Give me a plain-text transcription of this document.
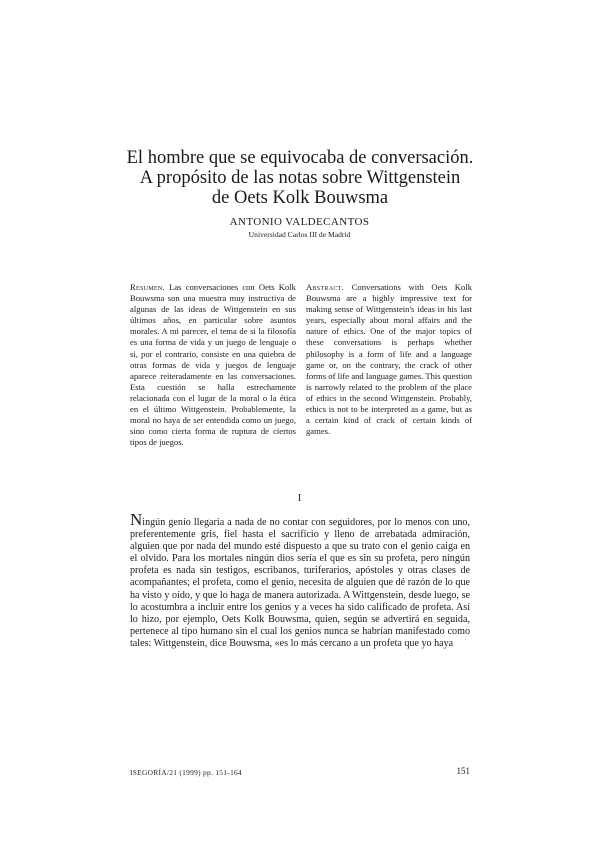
El hombre que se equivocaba de conversación.
A propósito de las notas sobre Wittgenstein
de Oets Kolk Bouwsma
ANTONIO VALDECANTOS
Universidad Carlos III de Madrid
Resumen. Las conversaciones con Oets Kolk Bouwsma son una muestra muy instructiva de algunas de las ideas de Wittgenstein en sus últimos años, en particular sobre asuntos morales. A mi parecer, el tema de si la filosofía es una forma de vida y un juego de lenguaje o si, por el contrario, consiste en una quiebra de otras formas de vida y juegos de lenguaje aparece reiteradamente en las conversaciones. Esta cuestión se halla estrechamente relacionada con el lugar de la moral o la ética en el último Wittgenstein. Probablemente, la moral no haya de ser entendida como un juego, sino como cierta forma de ruptura de ciertos tipos de juegos.
Abstract. Conversations with Oets Kolk Bouwsma are a highly impressive text for making sense of Wittgenstein's ideas in his last years, especially about moral affairs and the nature of ethics. One of the major topics of these conversations is perhaps whether philosophy is a form of life and a language game or, on the contrary, the crack of other forms of life and language games. This question is narrowly related to the problem of the place of ethics in the second Wittgenstein. Probably, ethics is not to be interpreted as a game, but as a certain kind of crack of certain kinds of games.
I
Ningún genio llegaría a nada de no contar con seguidores, por lo menos con uno, preferentemente gris, fiel hasta el sacrificio y lleno de arrebatada admiración, alguien que por nada del mundo esté dispuesto a que su trato con el genio caiga en el olvido. Para los mortales ningún dios sería el que es sin su profeta, pero ningún profeta es nada sin testigos, escribanos, turiferarios, apóstoles y otras clases de acompañantes; el profeta, como el genio, necesita de alguien que dé razón de lo que ha visto y oído, y que lo haga de manera autorizada. A Wittgenstein, desde luego, se lo acostumbra a incluir entre los genios y a veces ha sido calificado de profeta. Así lo hizo, por ejemplo, Oets Kolk Bouwsma, quien, según se advertirá en seguida, pertenece al tipo humano sin el cual los genios nunca se habrían manifestado como tales: Wittgenstein, dice Bouwsma, «es lo más cercano a un profeta que yo haya
ISEGORÍA/21 (1999) pp. 151-164	151
